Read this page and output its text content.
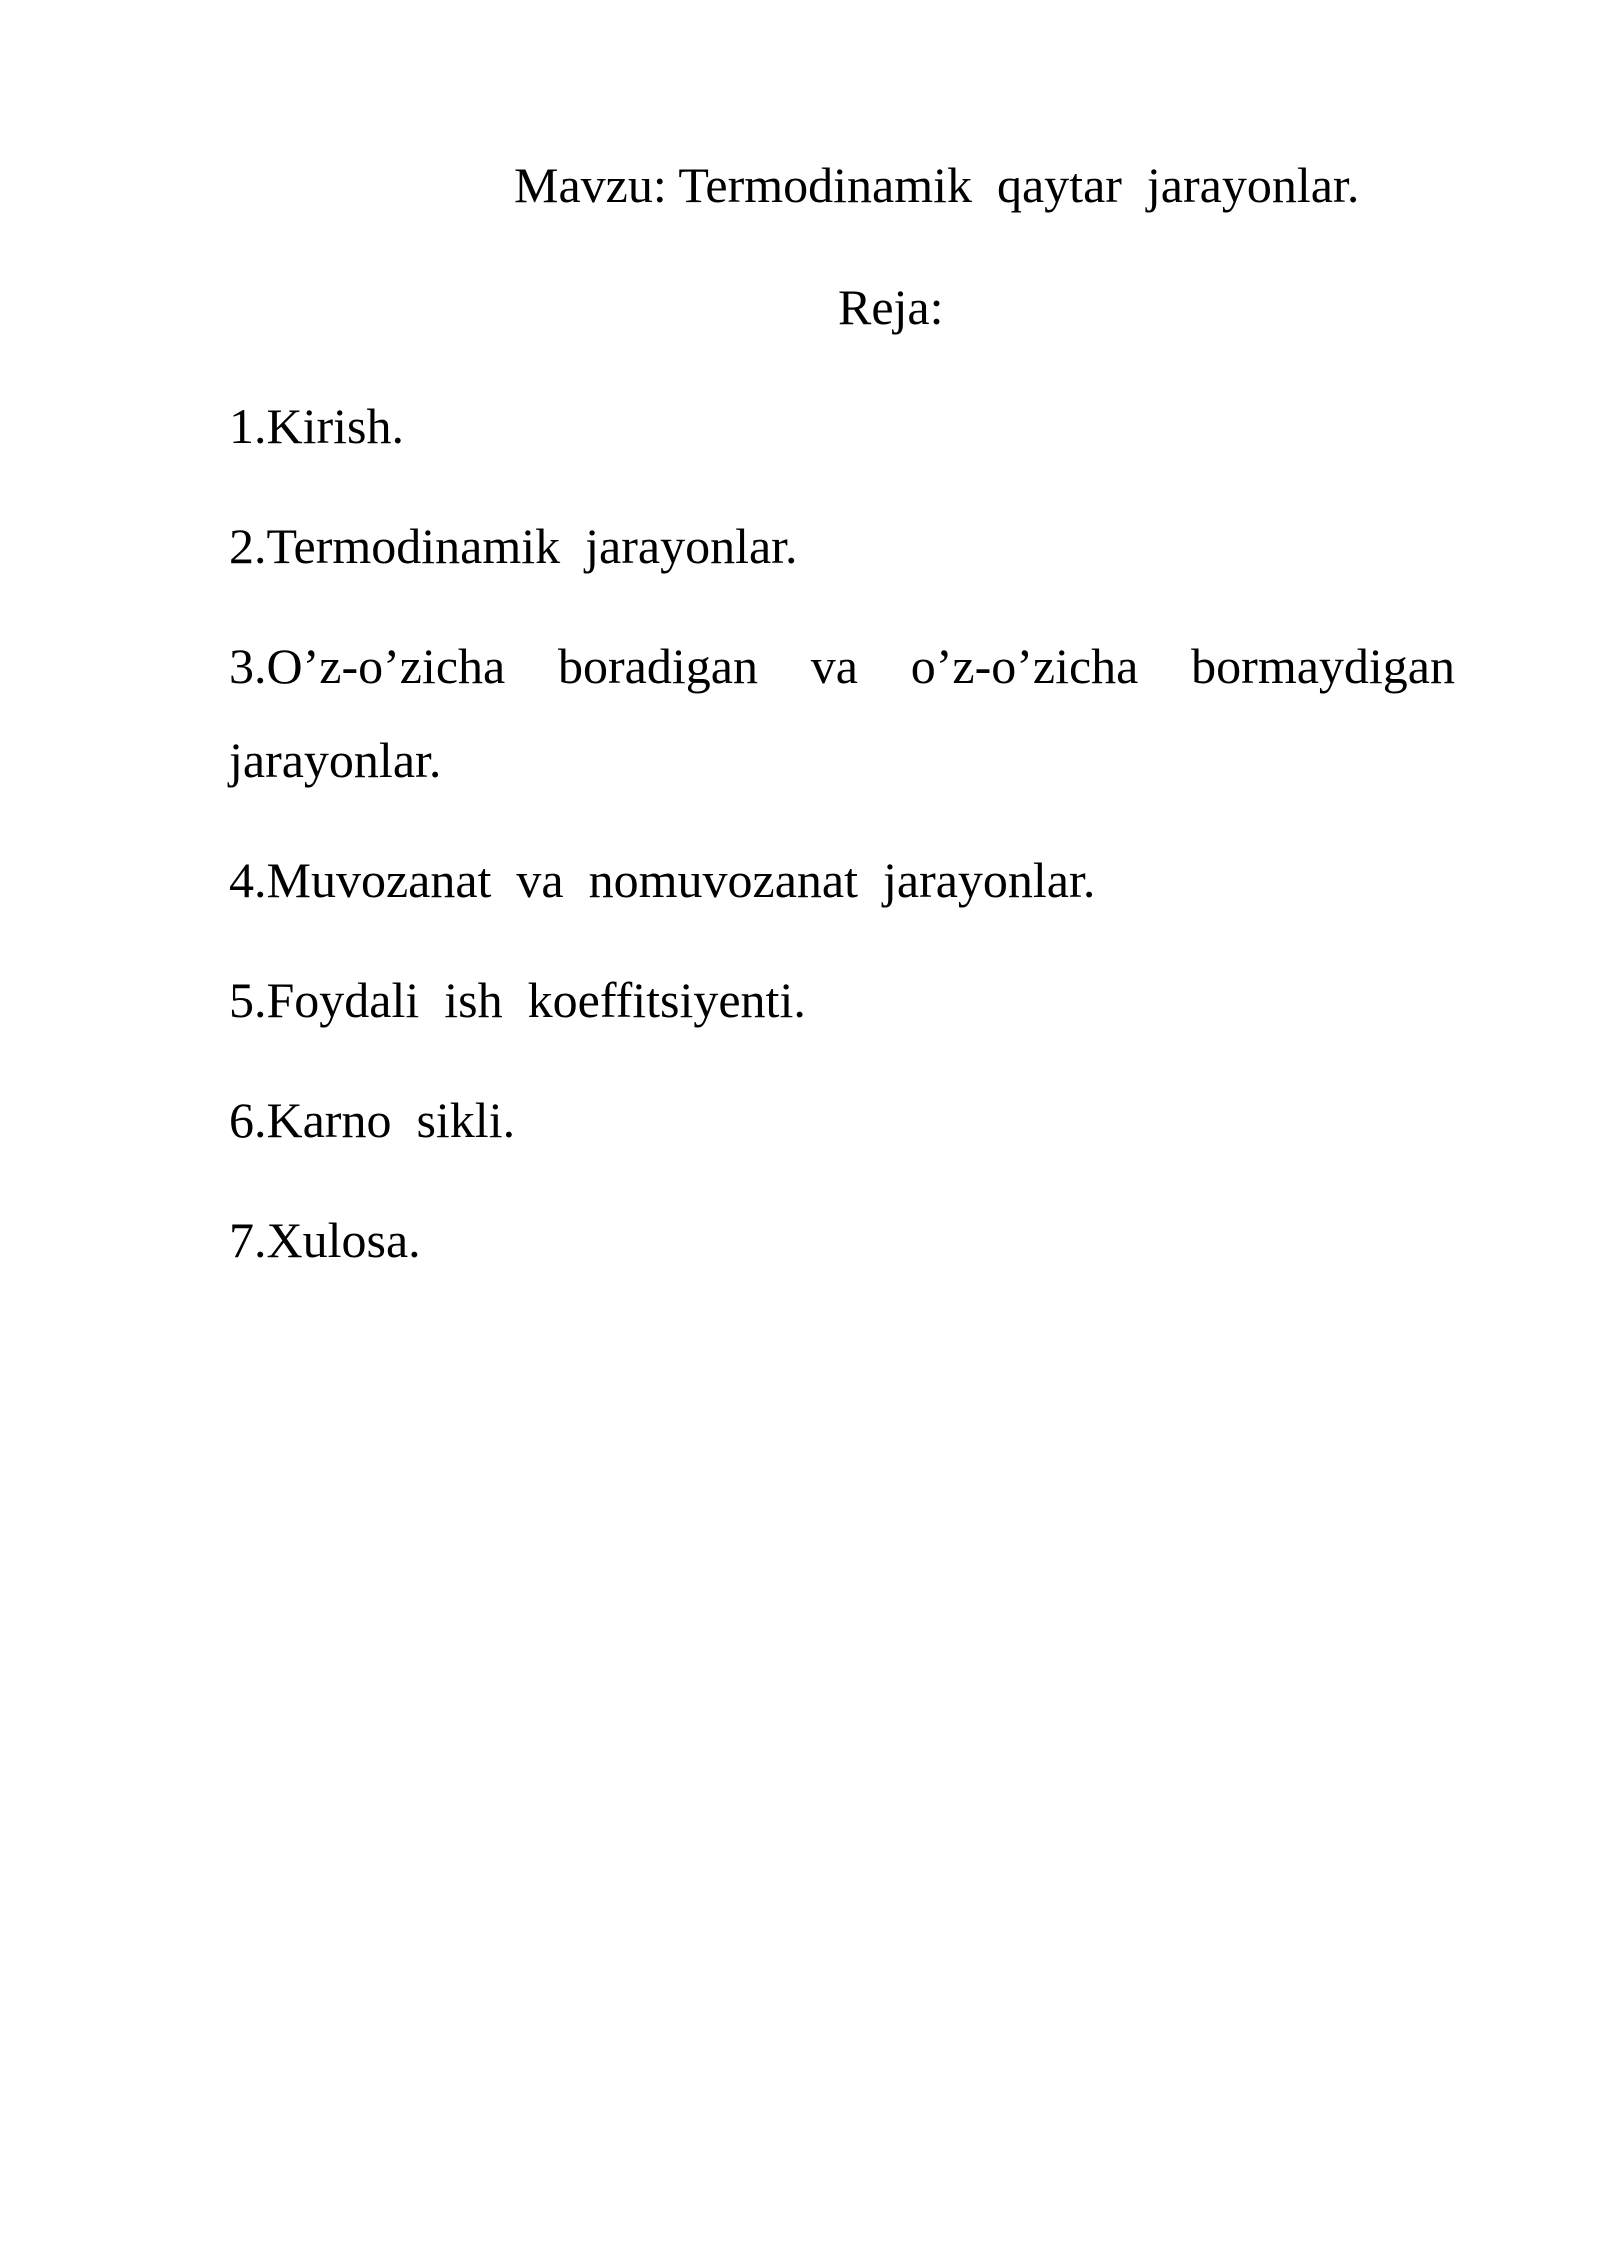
Mavzu: Termodinamik  qaytar  jarayonlar.
Reja:
1.Kirish.
2.Termodinamik  jarayonlar.
3.O’z-o’zicha boradigan va o’z-o’zicha bormaydigan jarayonlar.
4.Muvozanat  va  nomuvozanat  jarayonlar.
5.Foydali  ish  koeffitsiyenti.
6.Karno  sikli.
7.Xulosa.
